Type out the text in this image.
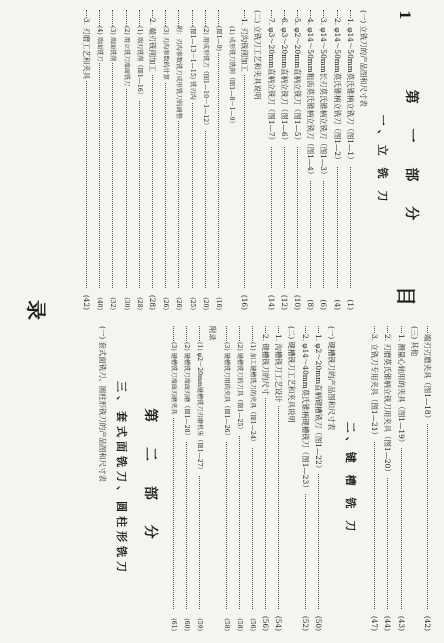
1
目
录
第 一 部 分
一、立 铣 刀
(一) 立铣刀的产品图和尺寸表
1. φ14～50mm莫氏锥柄立铣刀（图1—1）
(1)
2. φ14～50mm莫氏锥柄立铣刀（图1—2）
(4)
3. φ14～50mm长刃莫氏锥柄立铣刀（图1—3）
(6)
4. φ14～50mm粗齿莫氏锥柄立铣刀（图1—4）
(8)
5. φ2～20mm直柄立铣刀（图1—5）
(10)
6. φ3～20mm直柄立铣刀（图1—6）
(12)
7. φ3～20mm直柄立铣刀（图1—7）
(14)
(二) 立铣刀工艺和夹具说明
1. 刃沟铣削加工
(16)
(1) 成形铣刀铣削（图1—8～1—9）
(图1—9)
(16)
(2) 用成形铣刀（图1—10～1—12）
(20)
(图1—13～1—15) 铣刃沟
(25)
附：刃沟参数铣刀成形铣刀的调整
(26)
(3) 刃沟参数的计算
(26)
2. 端刃铣削加工
(28)
(1) 端刃铣削（图1—16）
(28)
(2) 用立铣刀端面铣刀
(30)
(3) 端面铣削
(32)
(4) 端面铣刀
(40)
3. 刃磨工艺和夹具
(42)
端刃刃磨夹具（图1—18）
(42)
(三) 其他
1. 测量心轴用的夹具（图1—19）
(43)
2. 刃磨莫氏锥柄立铣刀用夹具（图1—20）
(44)
3. 立铣刀专用夹具（图1—21）
(47)
二、键 槽 铣 刀
(一) 键槽铣刀的产品图和尺寸表
1. φ2～20mm直柄键槽铣刀（图1—22）
(50)
2. φ14～40mm莫氏锥柄键槽铣刀（图1—23）
(52)
(二) 键槽铣刀工艺和夹具说明
1. 沟槽铣刀工艺设计
(54)
2. 键槽铣刀的尺寸
(56)
(1) 加工键槽铣刀的夹具（图1—24）
(56)
(2) 键槽铣刀的刀具（图1—25）
(58)
(3) 键槽铣刀用的夹具（图1—26）
(58)
附录
(1) φ2～20mm键槽铣刀刃磨机床（图1—27）
(59)
(2) 键槽铣刀端面刃磨（图1—28）
(60)
(3) 键槽铣刀端面刃磨夹具
(61)
第 二 部 分
三、套式面铣刀、圆柱形铣刀
(一) 套式面铣刀、圆柱形铣刀的产品图和尺寸表
